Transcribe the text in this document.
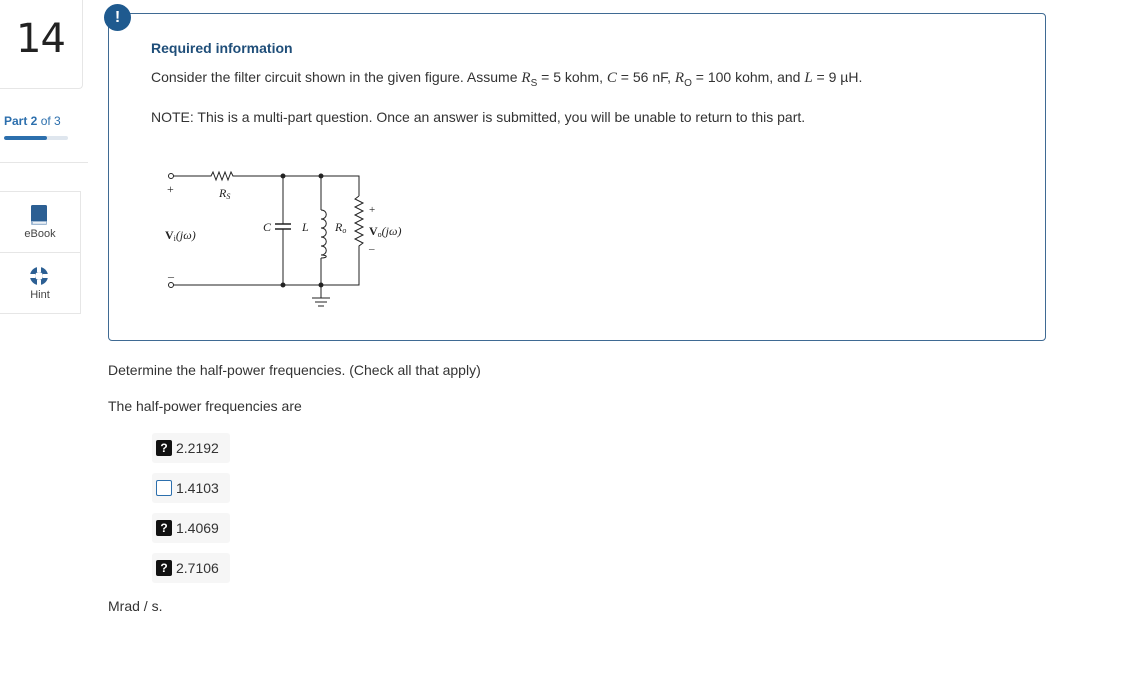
14
Part 2 of 3
eBook
Hint
Required information
Consider the filter circuit shown in the given figure. Assume $R_S = 5$ kohm, C = 56 nF, $R_O = 100$ kohm, and L = 9 µH.
NOTE: This is a multi-part question. Once an answer is submitted, you will be unable to return to this part.
+
–
RS
Vi(jω)
C	L Ro
+
–
Vo(jω)
!
Determine the half-power frequencies. (Check all that apply)
The half-power frequencies are
? 2.2192
1.4103
? 1.4069
? 2.7106
Mrad / s.
